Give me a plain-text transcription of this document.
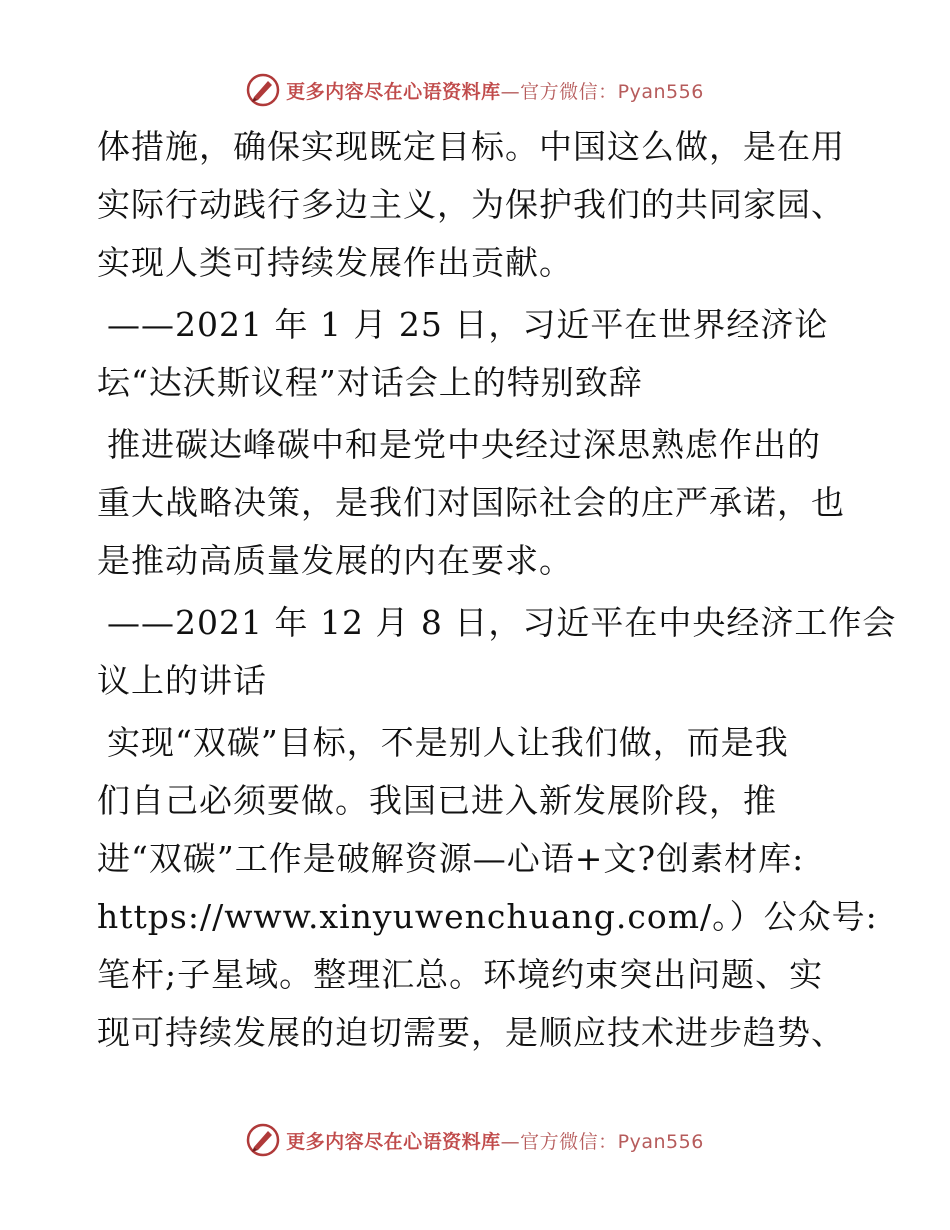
更多内容尽在心语资料库—官方微信：Pyan556
体措施，确保实现既定目标。中国这么做，是在用
实际行动践行多边主义，为保护我们的共同家园、
实现人类可持续发展作出贡献。
——2021 年 1 月 25 日，习近平在世界经济论
坛“达沃斯议程”对话会上的特别致辞
推进碳达峰碳中和是党中央经过深思熟虑作出的
重大战略决策，是我们对国际社会的庄严承诺，也
是推动高质量发展的内在要求。
——2021 年 12 月 8 日，习近平在中央经济工作会
议上的讲话
实现“双碳”目标，不是别人让我们做，而是我
们自己必须要做。我国已进入新发展阶段，推
进“双碳”工作是破解资源—心语+文?创素材库:
https://www.xinyuwenchuang.com/。）公众号:
笔杆;子星域。整理汇总。环境约束突出问题、实
现可持续发展的迫切需要，是顺应技术进步趋势、
更多内容尽在心语资料库—官方微信：Pyan556
